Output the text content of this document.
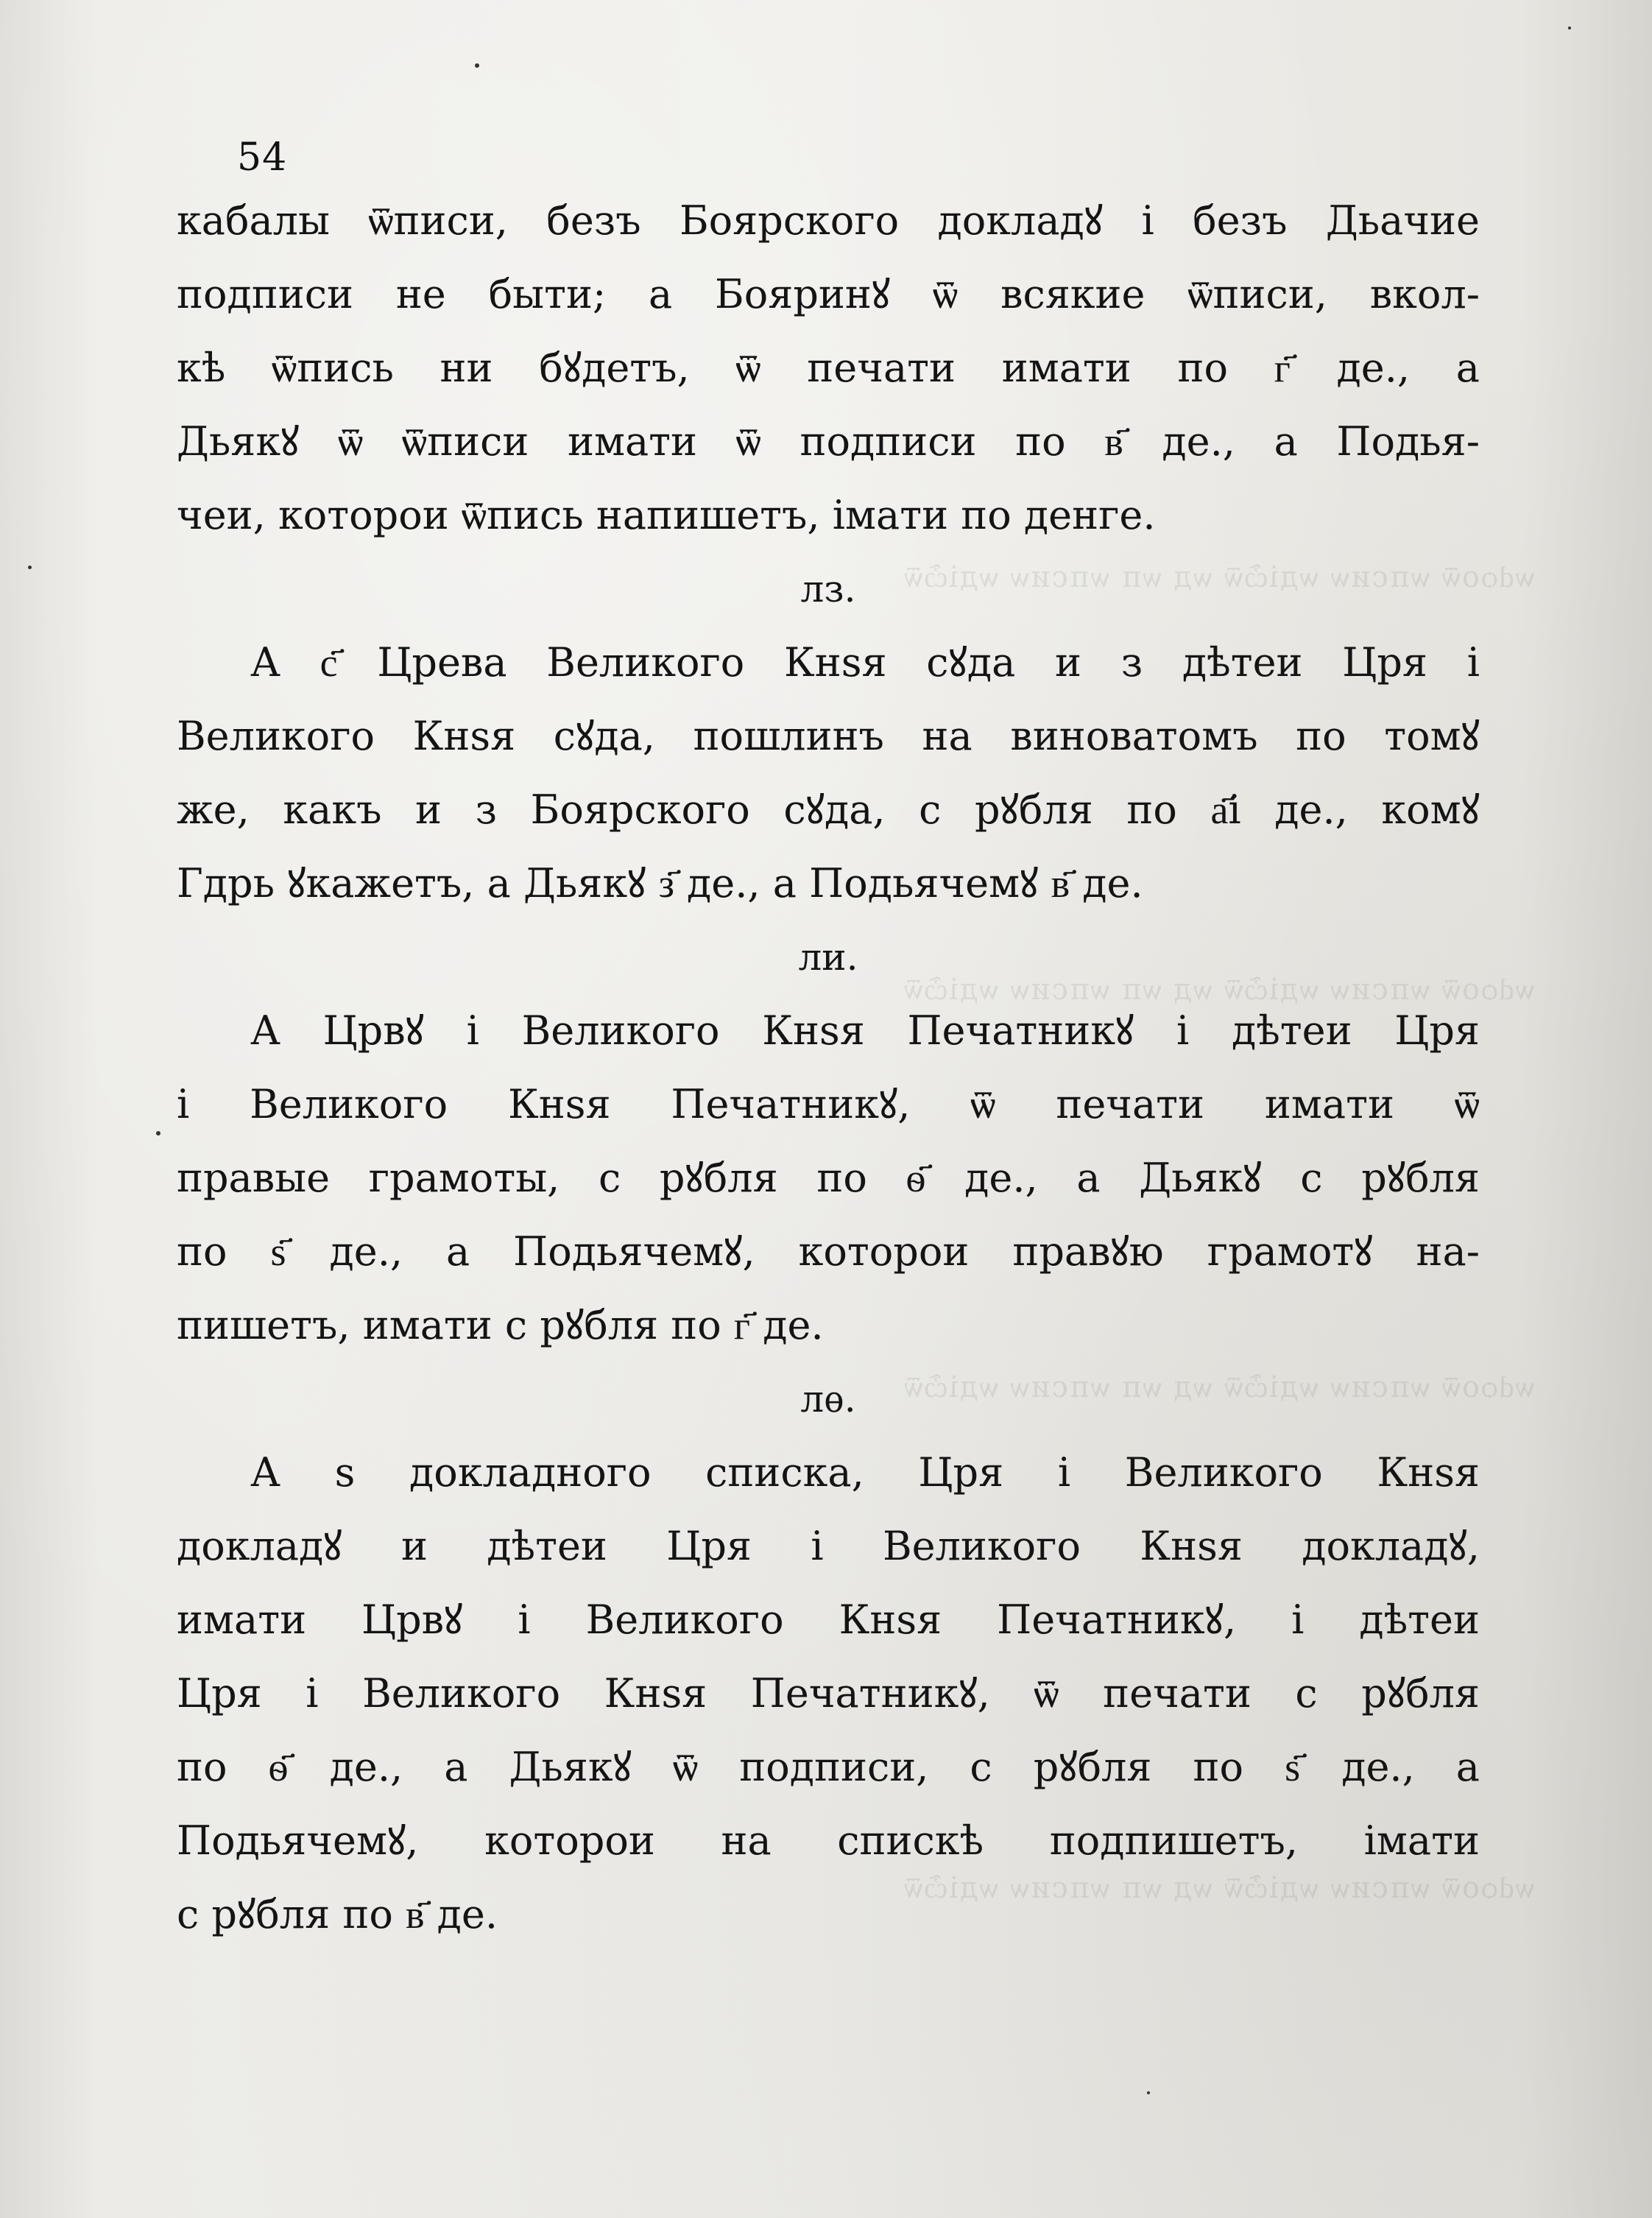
ѡԁѻоѿ ѡпсиѡ ѡдіѽѿ ѡд ѡп ѡпсиѡ ѡдіѽѿ
ѡԁѻоѿ ѡпсиѡ ѡдіѽѿ ѡд ѡп ѡпсиѡ ѡдіѽѿ
ѡԁѻоѿ ѡпсиѡ ѡдіѽѿ ѡд ѡп ѡпсиѡ ѡдіѽѿ
ѡԁѻоѿ ѡпсиѡ ѡдіѽѿ ѡд ѡп ѡпсиѡ ѡдіѽѿ
54
кабалы ѿписи, безъ Боярского докладꙋ і безъ Дьачие
подписи не быти; а Бояринꙋ ѿ всякие ѿписи, вкол-
кѣ ѿпись ни бꙋдетъ, ѿ печати имати по г҃ де., а
Дьякꙋ ѿ ѿписи имати ѿ подписи по в҃ де., а Подья-
чеи, которои ѿпись напишетъ, імати по денге.
лз.
А с҃ Црева Великого Кнѕя сꙋда и з дѣтеи Цря і
Великого Кнѕя сꙋда, пошлинъ на виноватомъ по томꙋ
же, какъ и з Боярского сꙋда, с рꙋбля по а҃і де., комꙋ
Гдрь ꙋкажетъ, а Дьякꙋ з҃ де., а Подьячемꙋ в҃ де.
ли.
А Црвꙋ і Великого Кнѕя Печатникꙋ і дѣтеи Цря
і Великого Кнѕя Печатникꙋ, ѿ печати имати ѿ
правые грамоты, с рꙋбля по ѳ҃ де., а Дьякꙋ с рꙋбля
по ѕ҃ де., а Подьячемꙋ, которои правꙋю грамотꙋ на-
пишетъ, имати с рꙋбля по г҃ де.
лѳ.
А ѕ докладного списка, Цря і Великого Кнѕя
докладꙋ и дѣтеи Цря і Великого Кнѕя докладꙋ,
имати Црвꙋ і Великого Кнѕя Печатникꙋ, і дѣтеи
Цря і Великого Кнѕя Печатникꙋ, ѿ печати с рꙋбля
по ѳ҃ де., а Дьякꙋ ѿ подписи, с рꙋбля по ѕ҃ де., а
Подьячемꙋ, которои на спискѣ подпишетъ, імати
с рꙋбля по в҃ де.
